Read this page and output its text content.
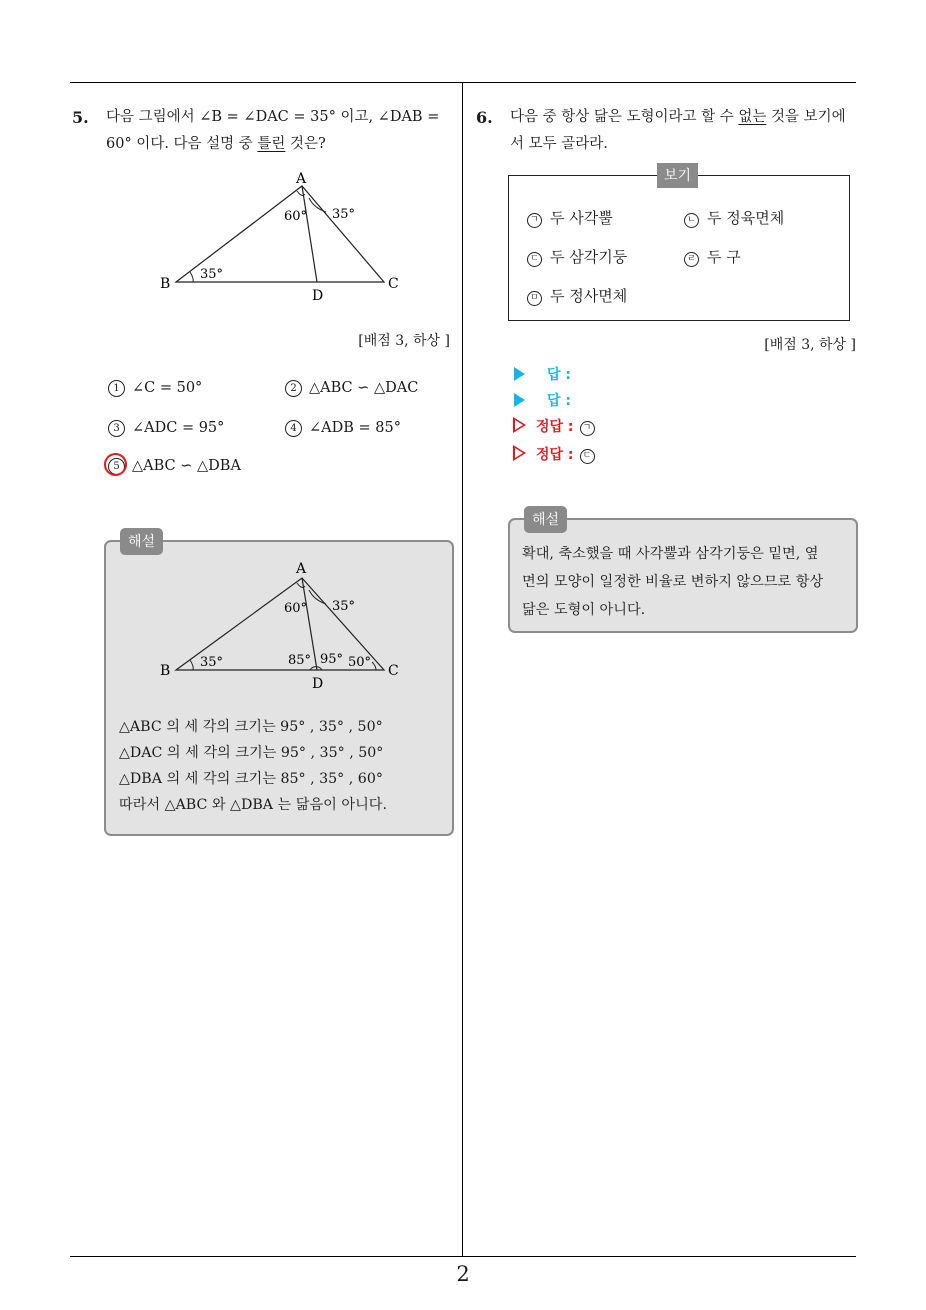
5.	다음 그림에서 ∠B = ∠DAC = 35° 이고, ∠DAB =
60° 이다. 다음 설명 중 틀린 것은?
A
B	C
D
60° 35°
35°
[배점 3, 하상 ]
1 ∠C = 50°	2 △ABC ∽ △DAC
3 ∠ADC = 95°	4 ∠ADB = 85°
5 △ABC ∽ △DBA
해설
A
B	C
D
60° 35°
35°	85° 95° 50°
△ABC 의 세 각의 크기는 95° , 35° , 50°
△DAC 의 세 각의 크기는 95° , 35° , 50°
△DBA 의 세 각의 크기는 85° , 35° , 60°
따라서 △ABC 와 △DBA 는 닮음이 아니다.
6.	다음 중 항상 닮은 도형이라고 할 수 없는 것을 보기에
서 모두 골라라.
보기
ㄱ 두 사각뿔	ㄴ 두 정육면체
ㄷ 두 삼각기둥	ㄹ 두 구
ㅁ 두 정사면체
[배점 3, 하상 ]
답 :
답 :
정답 : ㄱ
정답 : ㄷ
해설
확대, 축소했을 때 사각뿔과 삼각기둥은 밑면, 옆
면의 모양이 일정한 비율로 변하지 않으므로 항상
닮은 도형이 아니다.
2
